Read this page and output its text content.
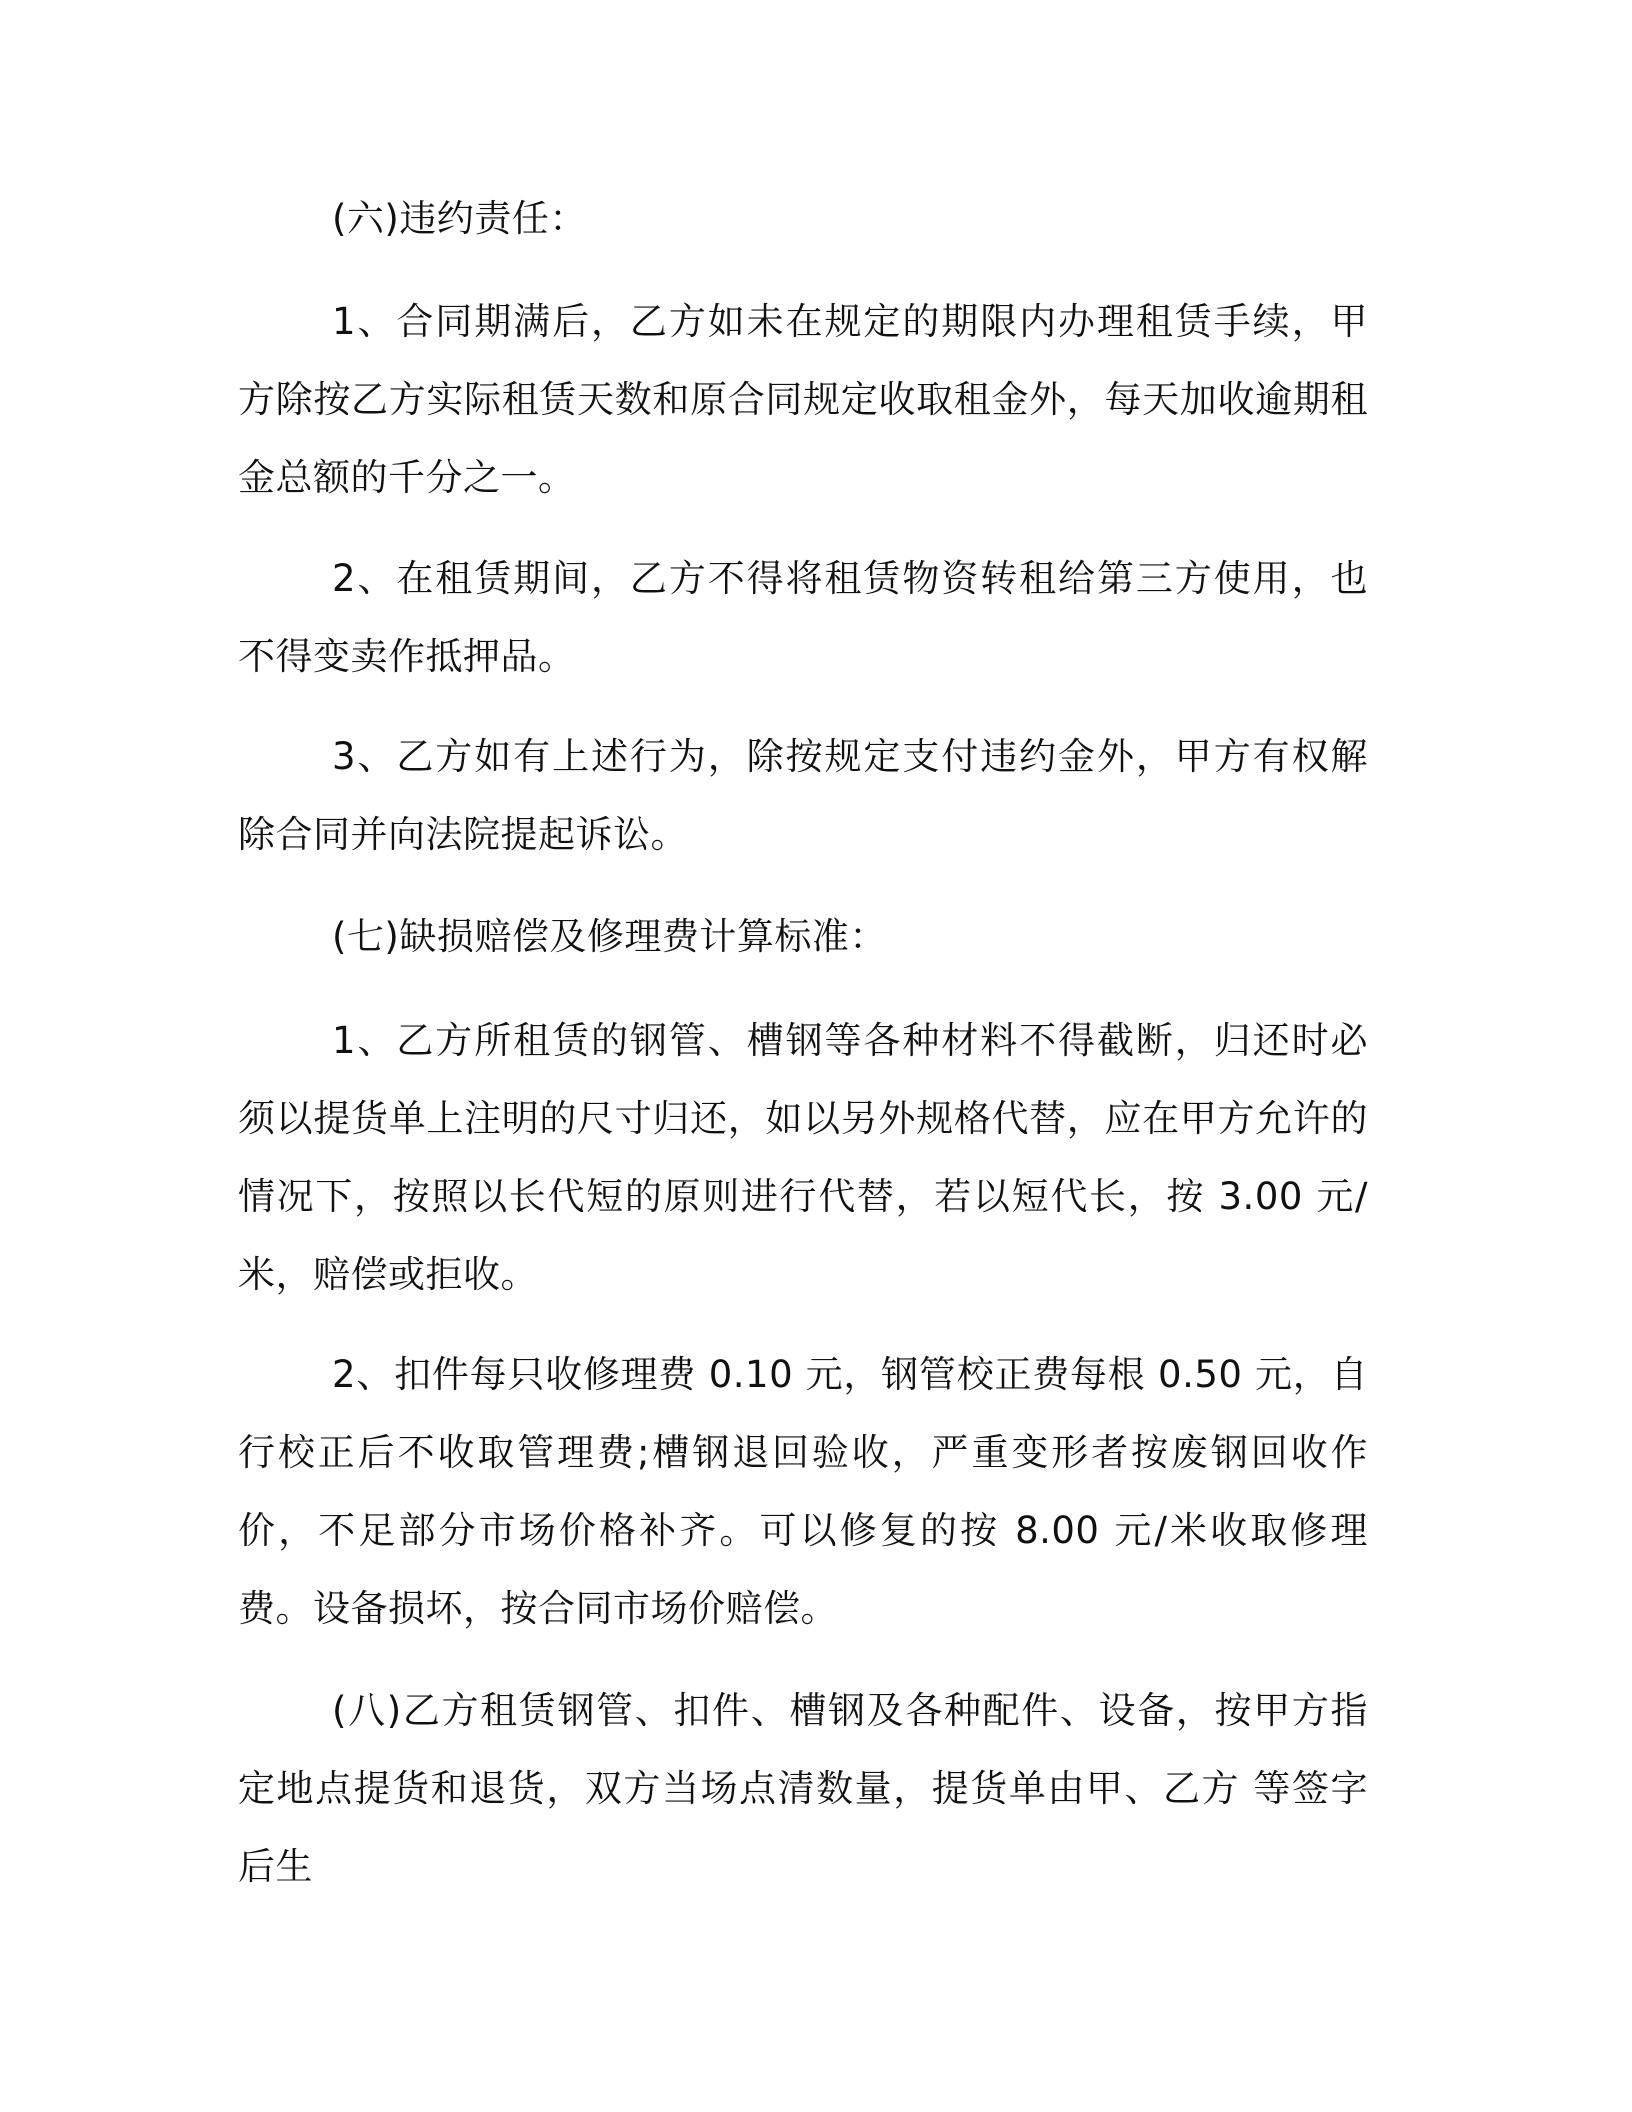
(六)违约责任：

1、合同期满后，乙方如未在规定的期限内办理租赁手续，甲方除按乙方实际租赁天数和原合同规定收取租金外，每天加收逾期租金总额的千分之一。

2、在租赁期间，乙方不得将租赁物资转租给第三方使用，也不得变卖作抵押品。

3、乙方如有上述行为，除按规定支付违约金外，甲方有权解除合同并向法院提起诉讼。

(七)缺损赔偿及修理费计算标准：

1、乙方所租赁的钢管、槽钢等各种材料不得截断，归还时必须以提货单上注明的尺寸归还，如以另外规格代替，应在甲方允许的情况下，按照以长代短的原则进行代替，若以短代长，按 3.00 元/米，赔偿或拒收。

2、扣件每只收修理费 0.10 元，钢管校正费每根 0.50 元，自行校正后不收取管理费;槽钢退回验收，严重变形者按废钢回收作价，不足部分市场价格补齐。可以修复的按 8.00 元/米收取修理费。设备损坏，按合同市场价赔偿。

(八)乙方租赁钢管、扣件、槽钢及各种配件、设备，按甲方指定地点提货和退货，双方当场点清数量，提货单由甲、乙方 等签字后生
